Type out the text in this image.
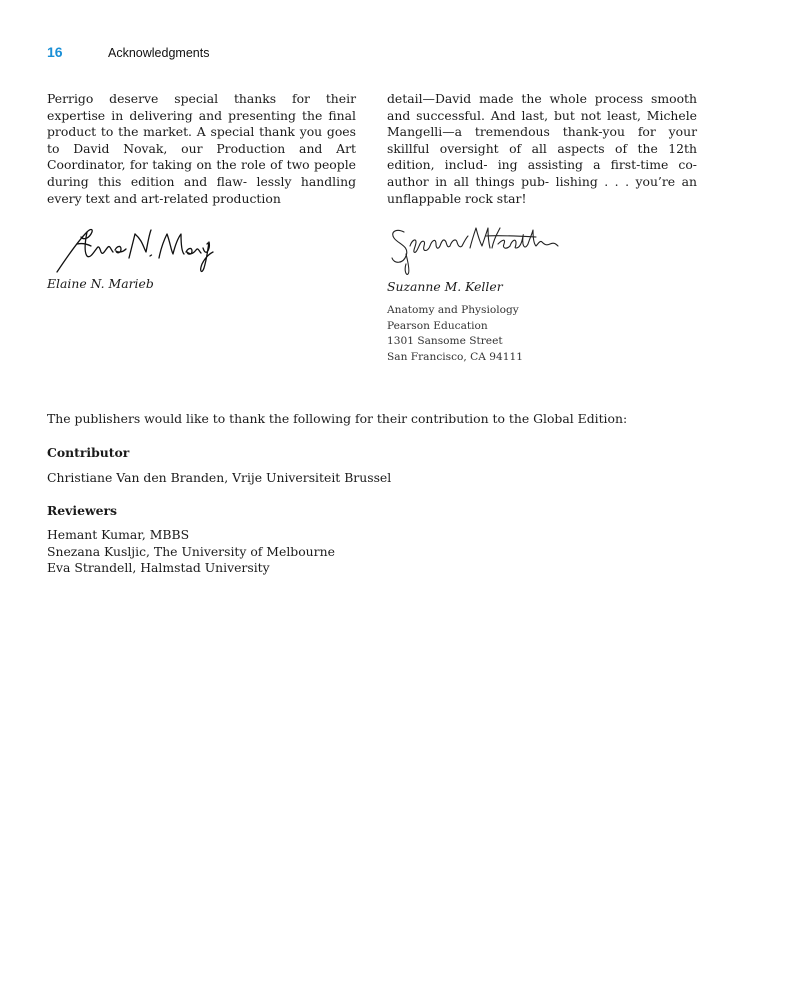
16	Acknowledgments
Perrigo deserve special thanks for their expertise in delivering and presenting the final product to the market. A special thank you goes to David Novak, our Production and Art Coordinator, for taking on the role of two people during this edition and flaw- lessly handling every text and art-related production
detail—David made the whole process smooth and successful. And last, but not least, Michele Mangelli—a tremendous thank-you for your skillful oversight of all aspects of the 12th edition, includ- ing assisting a first-time co-author in all things pub- lishing . . . you’re an unflappable rock star!
Elaine N. Marieb	Suzanne M. Keller
Anatomy and Physiology
Pearson Education
1301 Sansome Street
San Francisco, CA 94111
The publishers would like to thank the following for their contribution to the Global Edition:
Contributor
Christiane Van den Branden, Vrije Universiteit Brussel
Reviewers
Hemant Kumar, MBBS
Snezana Kusljic, The University of Melbourne
Eva Strandell, Halmstad University
